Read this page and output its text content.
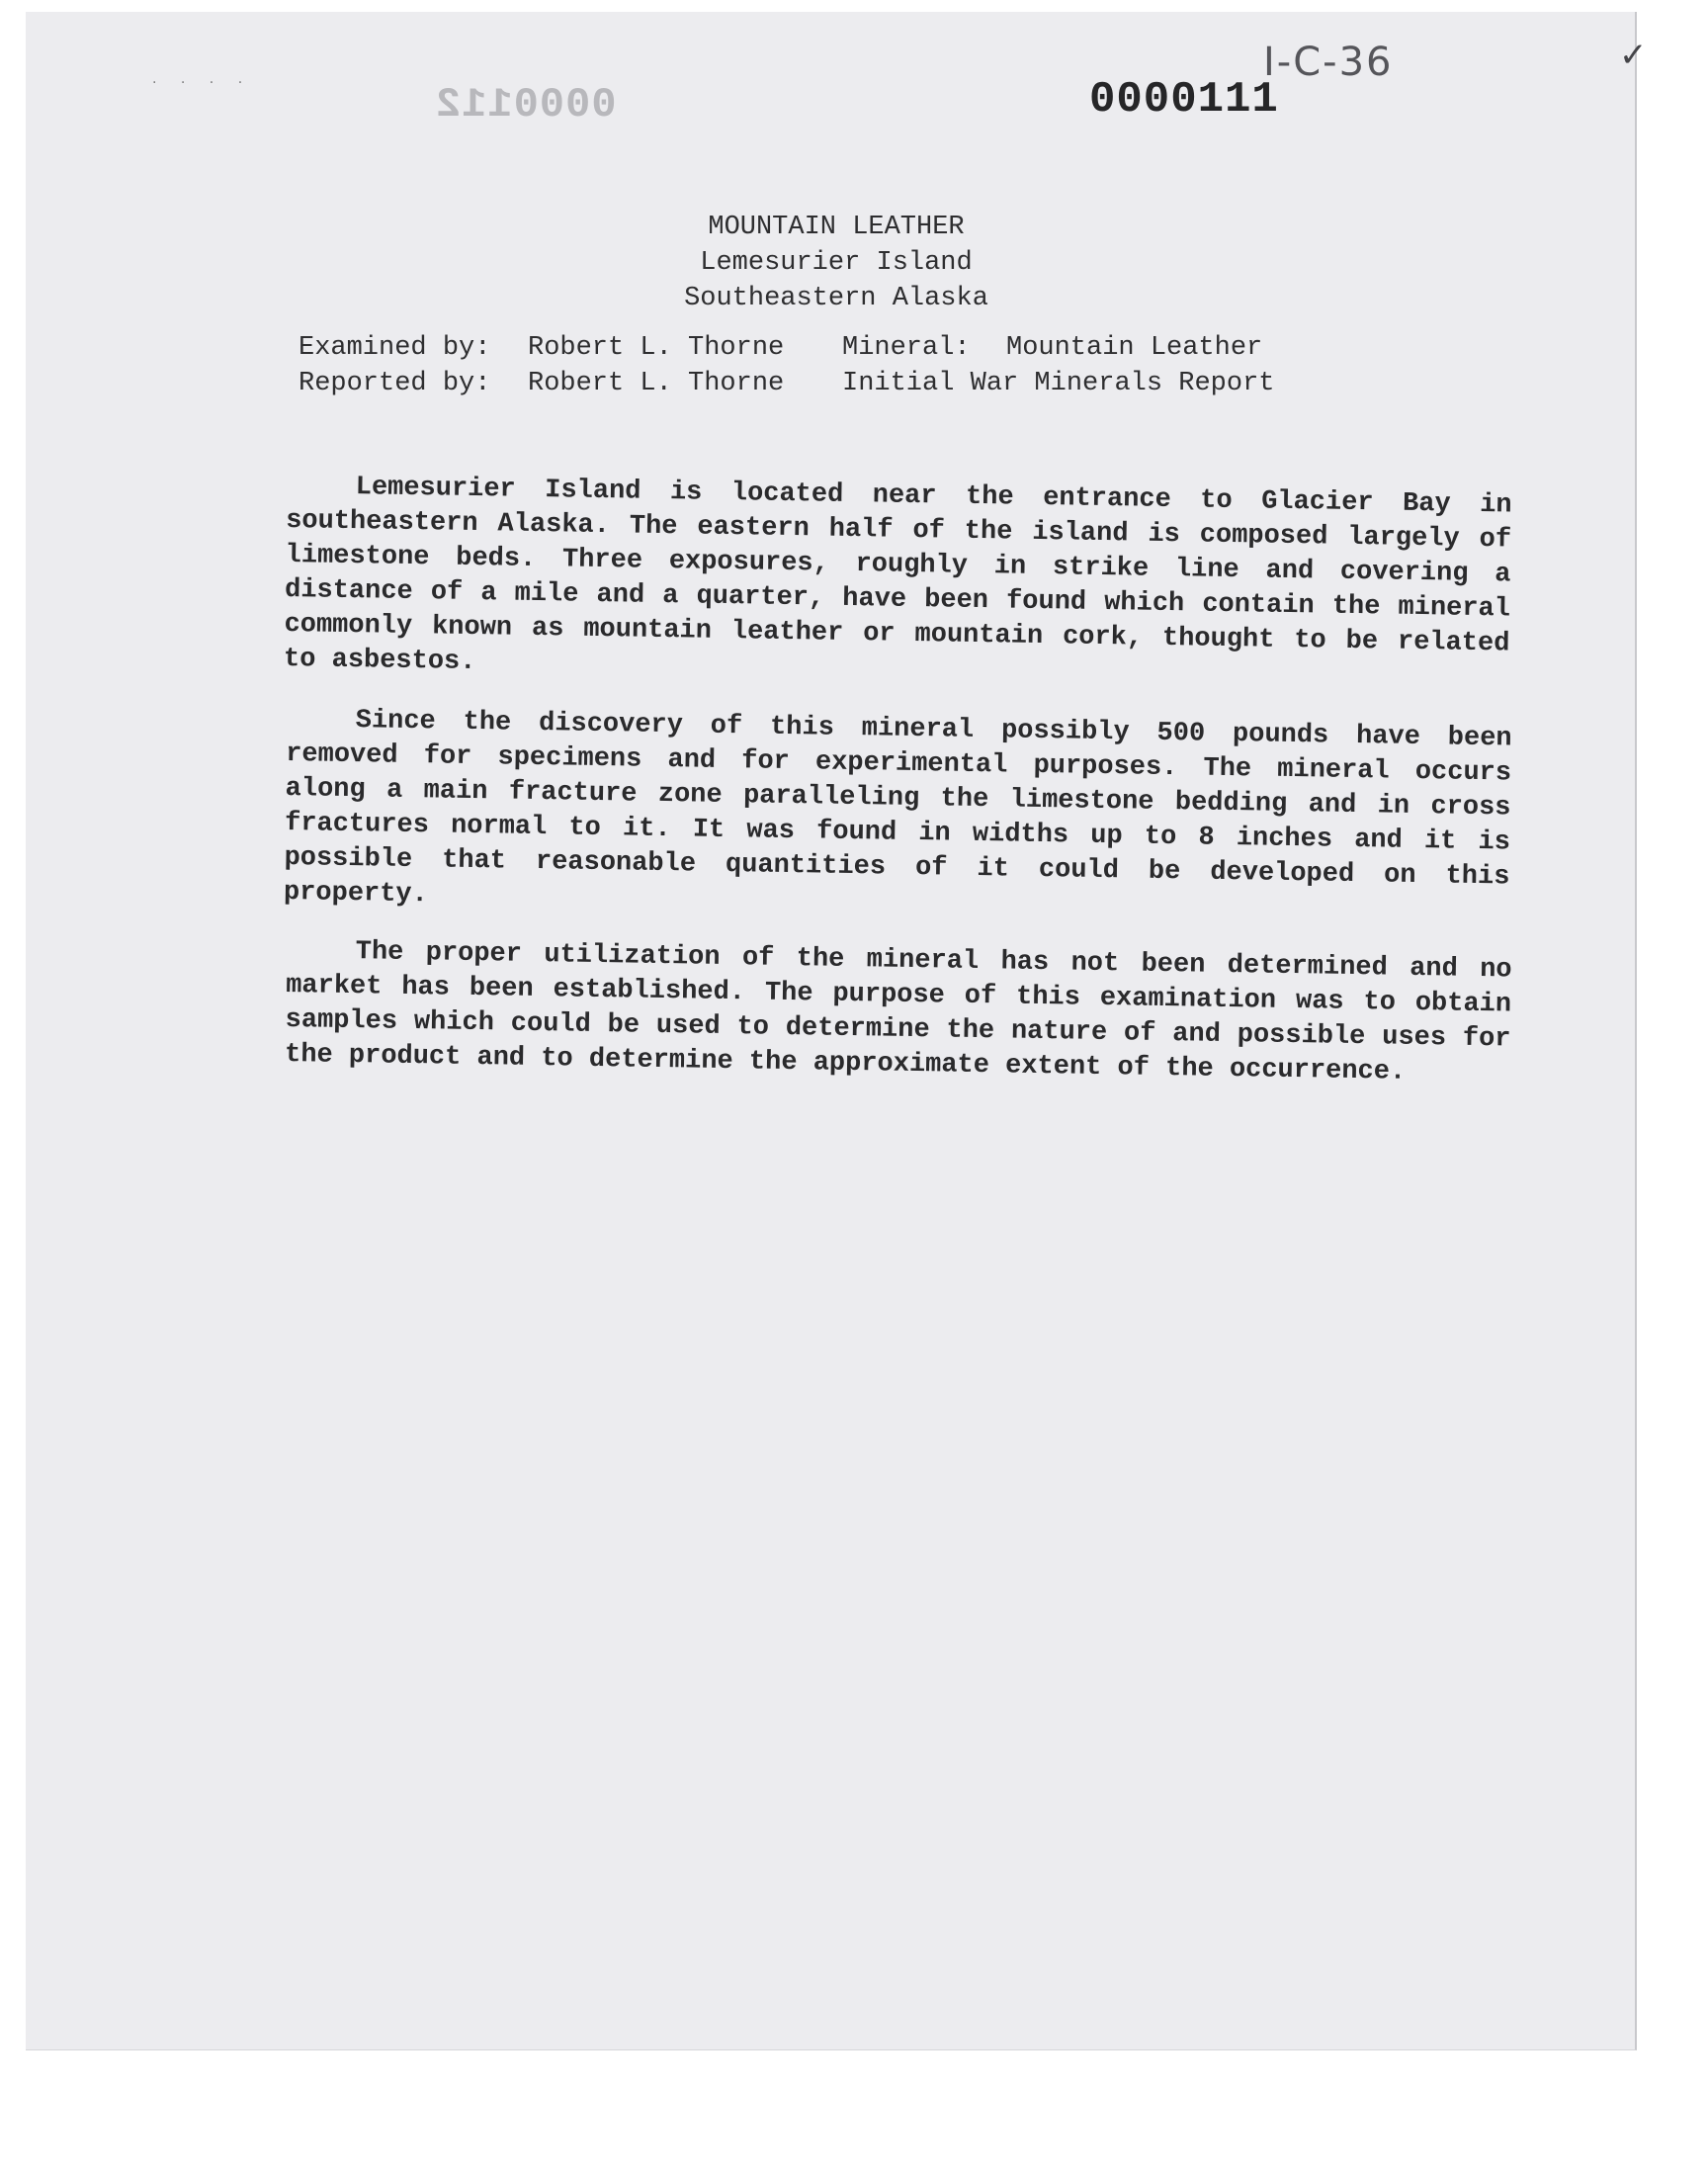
· · · ·	0000112	0000111
I-C-36	✓
MOUNTAIN LEATHER
Lemesurier Island
Southeastern Alaska
Examined by:	Robert L. Thorne	Mineral:	Mountain Leather
Reported by:	Robert L. Thorne	Initial War Minerals Report

Lemesurier Island is located near the entrance to Glacier Bay in southeastern Alaska. The eastern half of the island is composed largely of limestone beds. Three exposures, roughly in strike line and covering a distance of a mile and a quarter, have been found which contain the mineral commonly known as mountain leather or mountain cork, thought to be related to asbestos.

Since the discovery of this mineral possibly 500 pounds have been removed for specimens and for experimental purposes. The mineral occurs along a main fracture zone paralleling the limestone bedding and in cross fractures normal to it. It was found in widths up to 8 inches and it is possible that reasonable quantities of it could be developed on this property.

The proper utilization of the mineral has not been determined and no market has been established. The purpose of this examination was to obtain samples which could be used to determine the nature of and possible uses for the product and to determine the approximate extent of the occurrence.
